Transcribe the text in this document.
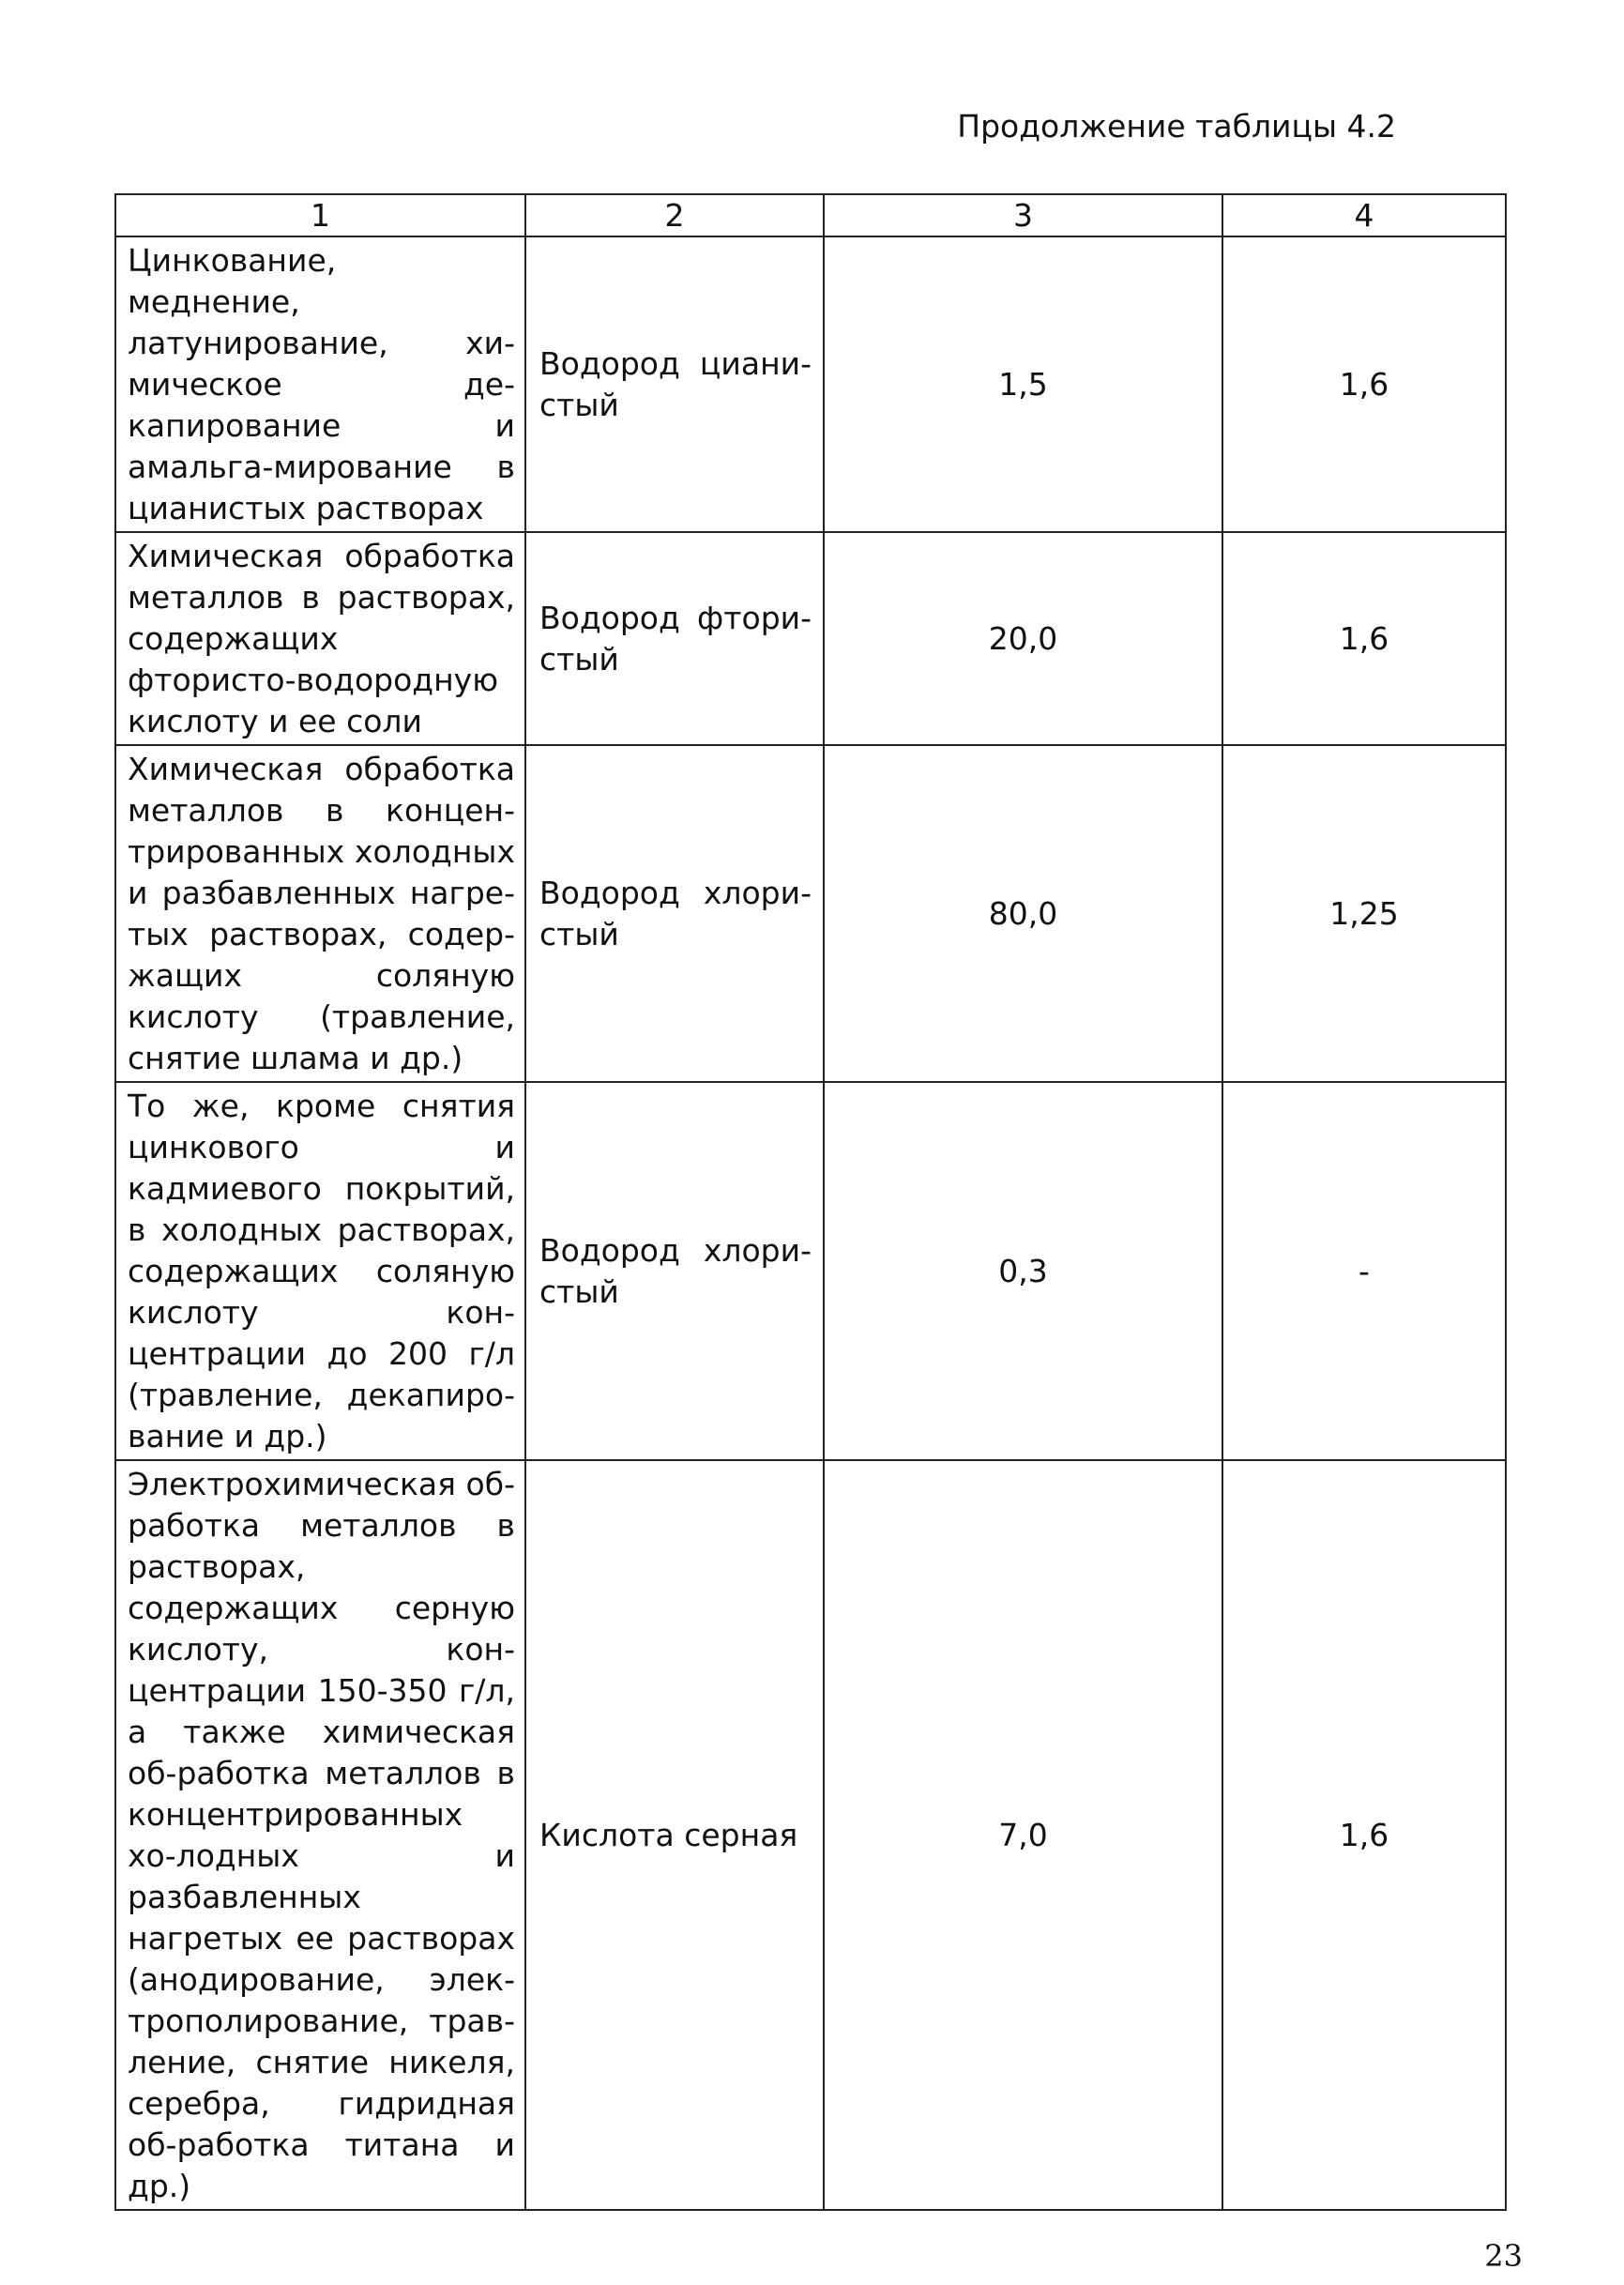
Продолжение таблицы 4.2
1	2	3	4
Цинкование, меднение, латунирование, хи-мическое де-капирование и амальга-мирование в цианистых растворах	Водород циани-стый	1,5	1,6
Химическая обработка металлов в растворах, содержащих фтористо-водородную кислоту и ее соли	Водород фтори-стый	20,0	1,6
Химическая обработка металлов в концен-трированных холодных и разбавленных нагре-тых растворах, содер-жащих соляную кислоту (травление, снятие шлама и др.)	Водород хлори-стый	80,0	1,25
То же, кроме снятия цинкового и кадмиевого покрытий, в холодных растворах, содержащих соляную кислоту кон-центрации до 200 г/л (травление, декапиро-вание и др.)	Водород хлори-стый	0,3	-
Электрохимическая об-работка металлов в растворах, содержащих серную кислоту, кон-центрации 150-350 г/л, а также химическая об-работка металлов в концентрированных хо-лодных и разбавленных нагретых ее растворах (анодирование, элек-трополирование, трав-ление, снятие никеля, серебра, гидридная об-работка титана и др.)	Кислота серная	7,0	1,6
23
